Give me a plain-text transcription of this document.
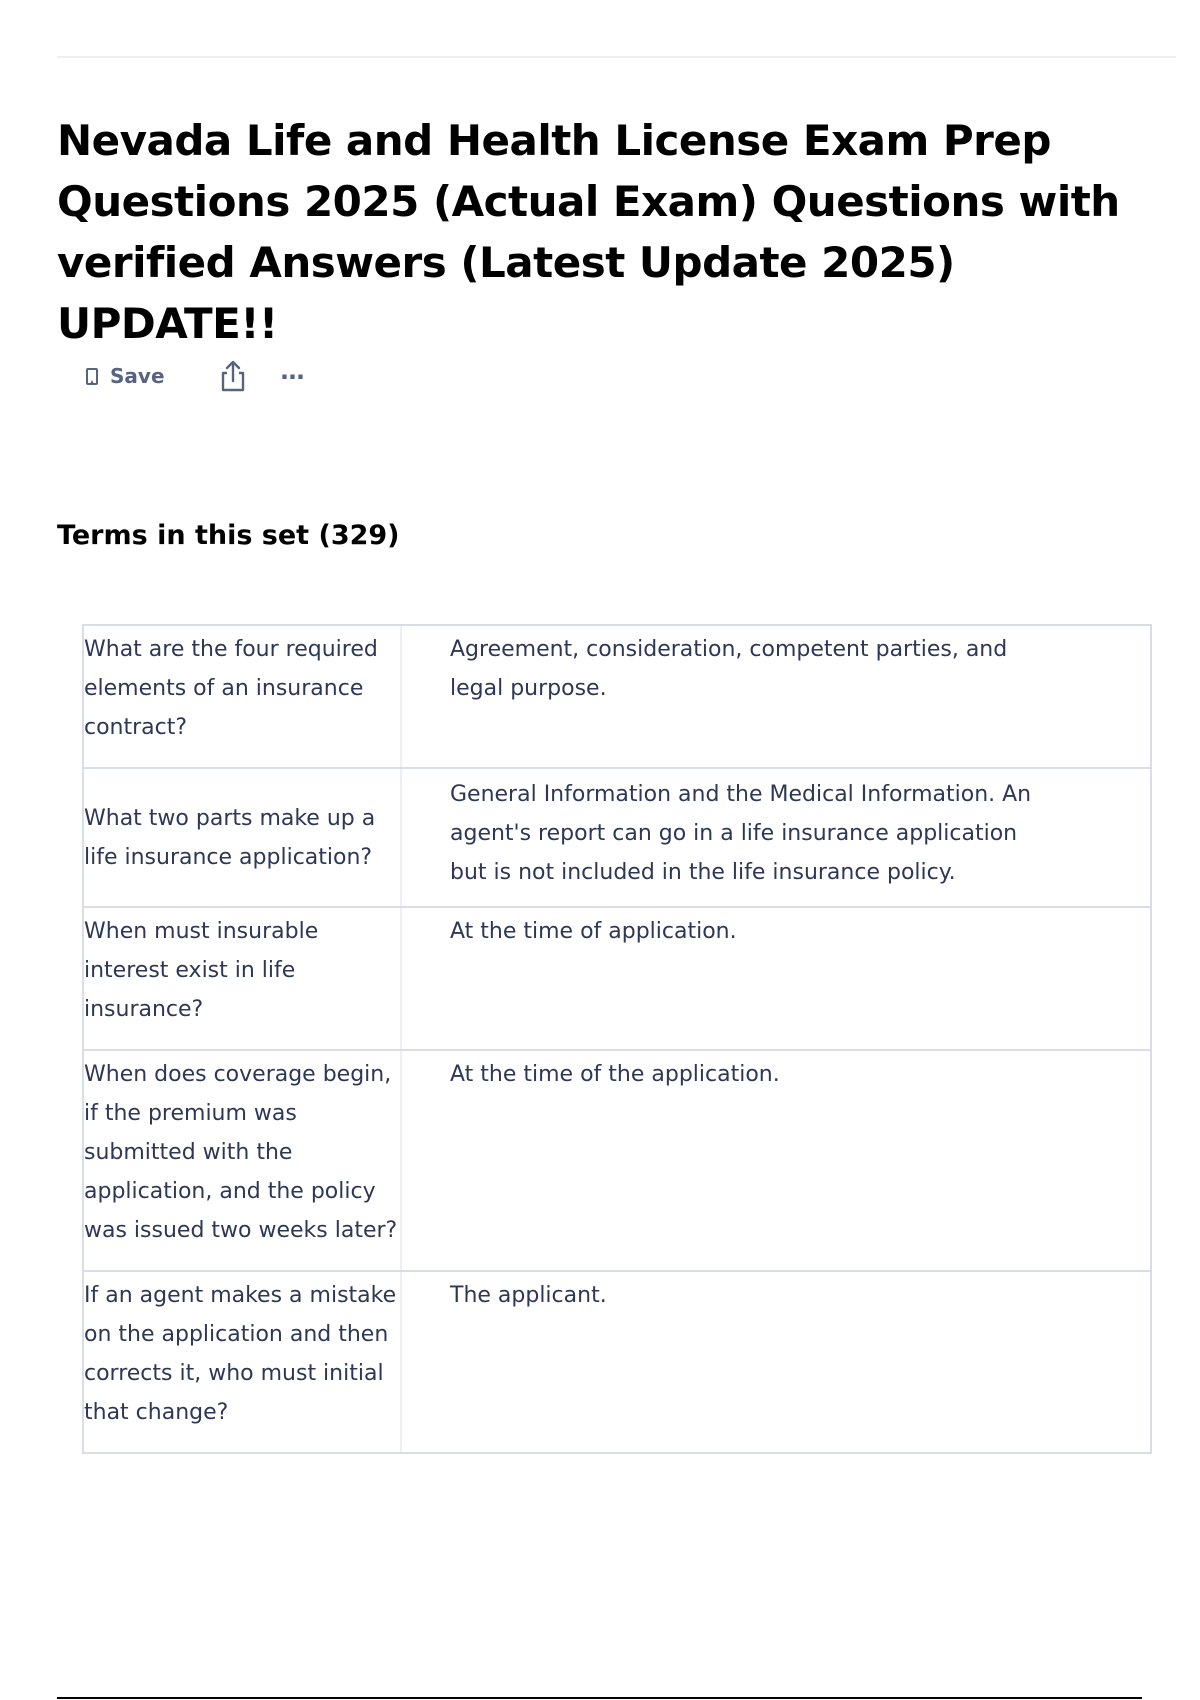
Nevada Life and Health License Exam Prep Questions 2025 (Actual Exam) Questions with verified Answers (Latest Update 2025) UPDATE!!
Save	…
Terms in this set (329)
What are the four required elements of an insurance contract?
Agreement, consideration, competent parties, and legal purpose.
What two parts make up a life insurance application?
General Information and the Medical Information. An agent's report can go in a life insurance application but is not included in the life insurance policy.
When must insurable interest exist in life insurance?
At the time of application.
When does coverage begin, if the premium was submitted with the application, and the policy was issued two weeks later?
At the time of the application.
If an agent makes a mistake on the application and then corrects it, who must initial that change?
The applicant.
